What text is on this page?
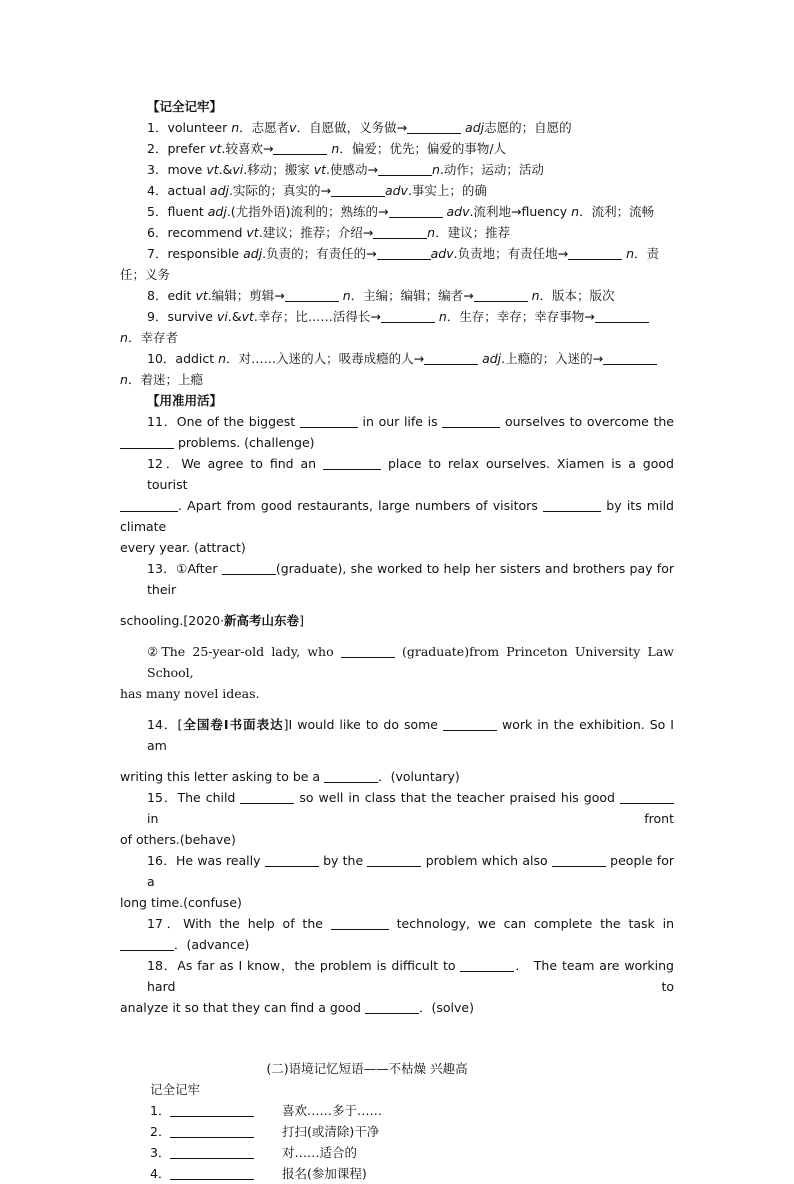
【记全记牢】
1．volunteer n．志愿者v．自愿做，义务做→	adj志愿的；自愿的
2．prefer vt.较喜欢→	n．偏爱；优先；偏爱的事物/人
3．move vt.&vi.移动；搬家 vt.使感动→	n.动作；运动；活动
4．actual adj.实际的；真实的→	adv.事实上；的确
5．fluent adj.(尤指外语)流利的；熟练的→	adv.流利地→fluency n．流利；流畅
6．recommend vt.建议；推荐；介绍→	n．建议；推荐
7．responsible adj.负责的；有责任的→	adv.负责地；有责任地→	n．责
任；义务
8．edit vt.编辑；剪辑→	n．主编；编辑；编者→	n．版本；版次
9．survive vi.&vt.幸存；比……活得长→	n．生存；幸存；幸存事物→
n．幸存者
10．addict n．对……入迷的人；吸毒成瘾的人→	adj.上瘾的；入迷的→
n．着迷；上瘾
【用准用活】
11．One of the biggest	in our life is	ourselves to overcome the
problems. (challenge)
12．We agree to find an	place to relax ourselves. Xiamen is a good tourist
. Apart from good restaurants, large numbers of visitors	by its mild climate
every year. (attract)
13．①After	(graduate), she worked to help her sisters and brothers pay for their
schooling.[2020·新高考山东卷]
②The 25-year-old lady, who	(graduate)from Princeton University Law School,
has many novel ideas.
14．[全国卷Ⅰ书面表达]I would like to do some	work in the exhibition. So I am
writing this letter asking to be a	．(voluntary)
15．The child	so well in class that the teacher praised his good  in front
of others.(behave)
16．He was really	by the	problem which also	people for a
long time.(confuse)
17．With the help of the	technology, we can complete the task in
．(advance)
18．As far as I know，the problem is difficult to	． The team are working hard to
analyze it so that they can find a good	．(solve)
(二)语境记忆短语——不枯燥 兴趣高
记全记牢
1．	喜欢……多于……
2．	打扫(或清除)干净
3．	对……适合的
4．	报名(参加课程)
